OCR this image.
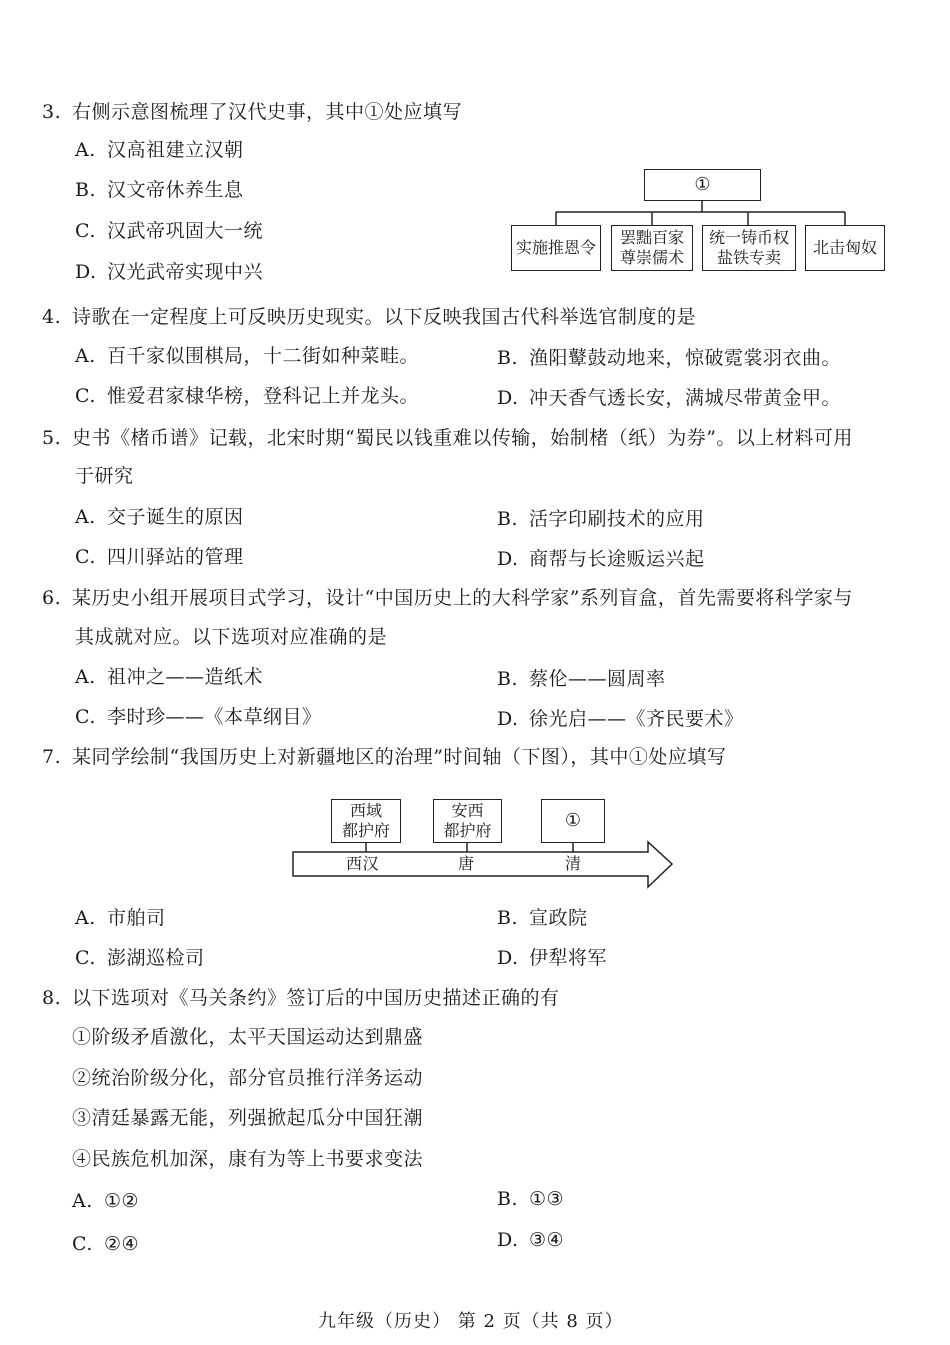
3. 右侧示意图梳理了汉代史事，其中①处应填写
A. 汉高祖建立汉朝
B. 汉文帝休养生息
C. 汉武帝巩固大一统
D. 汉光武帝实现中兴
①
实施推恩令
罢黜百家
尊崇儒术
统一铸币权
盐铁专卖
北击匈奴
4. 诗歌在一定程度上可反映历史现实。以下反映我国古代科举选官制度的是
A. 百千家似围棋局，十二街如种菜畦。	B. 渔阳鼙鼓动地来，惊破霓裳羽衣曲。
C. 惟爱君家棣华榜，登科记上并龙头。	D. 冲天香气透长安，满城尽带黄金甲。
5. 史书《楮币谱》记载，北宋时期“蜀民以钱重难以传输，始制楮（纸）为券”。以上材料可用
于研究
A. 交子诞生的原因	B. 活字印刷技术的应用
C. 四川驿站的管理	D. 商帮与长途贩运兴起
6. 某历史小组开展项目式学习，设计“中国历史上的大科学家”系列盲盒，首先需要将科学家与
其成就对应。以下选项对应准确的是
A. 祖冲之——造纸术	B. 蔡伦——圆周率
C. 李时珍——《本草纲目》	D. 徐光启——《齐民要术》
7. 某同学绘制“我国历史上对新疆地区的治理”时间轴（下图），其中①处应填写
西域
都护府
安西
都护府	①
西汉	唐	清
A. 市舶司	B. 宣政院
C. 澎湖巡检司	D. 伊犁将军
8. 以下选项对《马关条约》签订后的中国历史描述正确的有
①阶级矛盾激化，太平天国运动达到鼎盛
②统治阶级分化，部分官员推行洋务运动
③清廷暴露无能，列强掀起瓜分中国狂潮
④民族危机加深，康有为等上书要求变法
A. ①②	B. ①③
C. ②④	D. ③④
九年级（历史） 第 2 页（共 8 页）
